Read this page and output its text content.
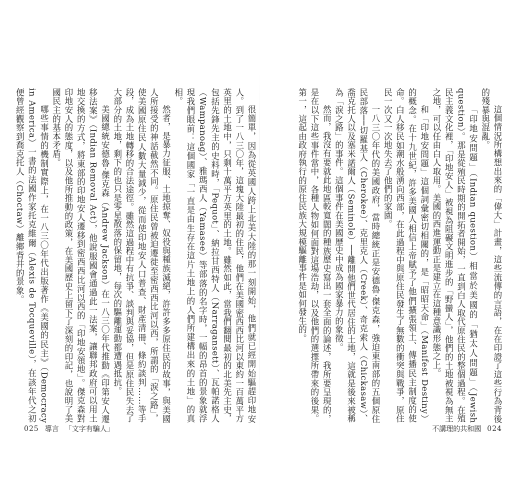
很簡單，因為從英國人跨上北美大陸的那一刻開始，他們就已經開始驅趕印地安人。到了一八三〇年，這塊大陸最初的住民，他們在美國密西西比河以東約一百萬平方英里的土地中，只剩十萬平方英里的土地。雖然如此，當我們翻閱最初的北美先主史，包括先鋒先主的史料時，「Pequot」、納拉甘西特人（Narragansett）、瓦帕諾格人（Wampanoag）、雅瑪西人（Yamasee）等部落的名字時，一幅的昂首的景象就浮現我們眼前：這個國家「一直是由生存在這片土地上的人們所建構出來的土地」的真相。

然者，是暴力征服、土地掠奪、奴役與種族滅絕，許許多多原住民的故事，與美國人所接受的神話截然不同。原住民曾被迫遷徙至密西西比河以西，所謂的「淚之路」，使美國原住民人數大量減少，從而使印地安人口普查、財產清冊、條約談判……等手段，成為土地轉移的合法途徑。雖然這過程中有抗爭、談判與妥協，但是原住民失去了大部分的土地，剩下的也只是零星散落的保留地，每次的驅離運動都遭遇抵抗。

美國總統安德魯·傑克森（Andrew Jackson）在一八三〇年代推動《印第安人遷移法案》（Indian Removal Act），他說服國會通過此一法案，讓聯邦政府可以用土地交換的方式，將東部的印地安人遷移到密西西比河以西的「印地安領地」。傑克森對印地安人的態度，以及他所推動的政策，在美國歷史上留下了深刻的印記，也說明了美國民主的基本矛盾。

哪些事情的機制實際上，在一八三〇年代出版著作《美國的民主》（Democracy in America）一書的法國作家托克維爾（Alexis de Tocqueville），在該年代之初便曾經觀察到喬克托人（Choctaw）離鄉背井的景象。

025 導言 「文字有騙人」

這個情況所構想出來的「偉大」計畫，這些流傳的言語，在在印證了這些行為背後的殘暴與混亂。

「印地安問題」（Indian question）相當於美國的「猶太人問題」（Jewish question）。那是從殖民時期的開拓者開始，一直到白人取代原住民的整個過程。在殖民主義文化裡，「印地安人」被視為阻礙文明進步的「野蠻人」，他們的土地被視為無主之地，可以任由白人取用。美國的西進運動正是建立在這種意識形態之上。

和「印地安問題」這個詞彙密切相關的，是「昭昭天命」（Manifest Destiny）的概念。在十九世紀，許多美國人相信上帝賦予了他們擴張領土、傳播民主制度的使命。白人移民如潮水般湧向西部，在此過程中與原住民發生了無數的衝突與戰爭，原住民一次又一次地失去了他們的家園。

一八三〇年代的美國政府，當時總統正是安德魯·傑克森，強迫東南部的五個原住民部落──切羅基人（Cherokee）、克里克人（Creek）、奇克索人（Chickasaw）、喬克托人以及塞米諾爾人（Seminole）──離開他們世代居住的土地，這就是後來被稱為「淚之路」的事件。這個事件在美國歷史中成為國家暴力的象徵。

然而，我沒有要就此地區較寬闊的種族歷史寫出一套全面的論述，我所要呈現的，是在以下這些事件當中，各種人物如何面對這場浩劫，以及他們的選擇所帶來的後果。第一，這起由政府執行的原住民族大規模驅離事件是如何發生的。

不講理的共和國 024
